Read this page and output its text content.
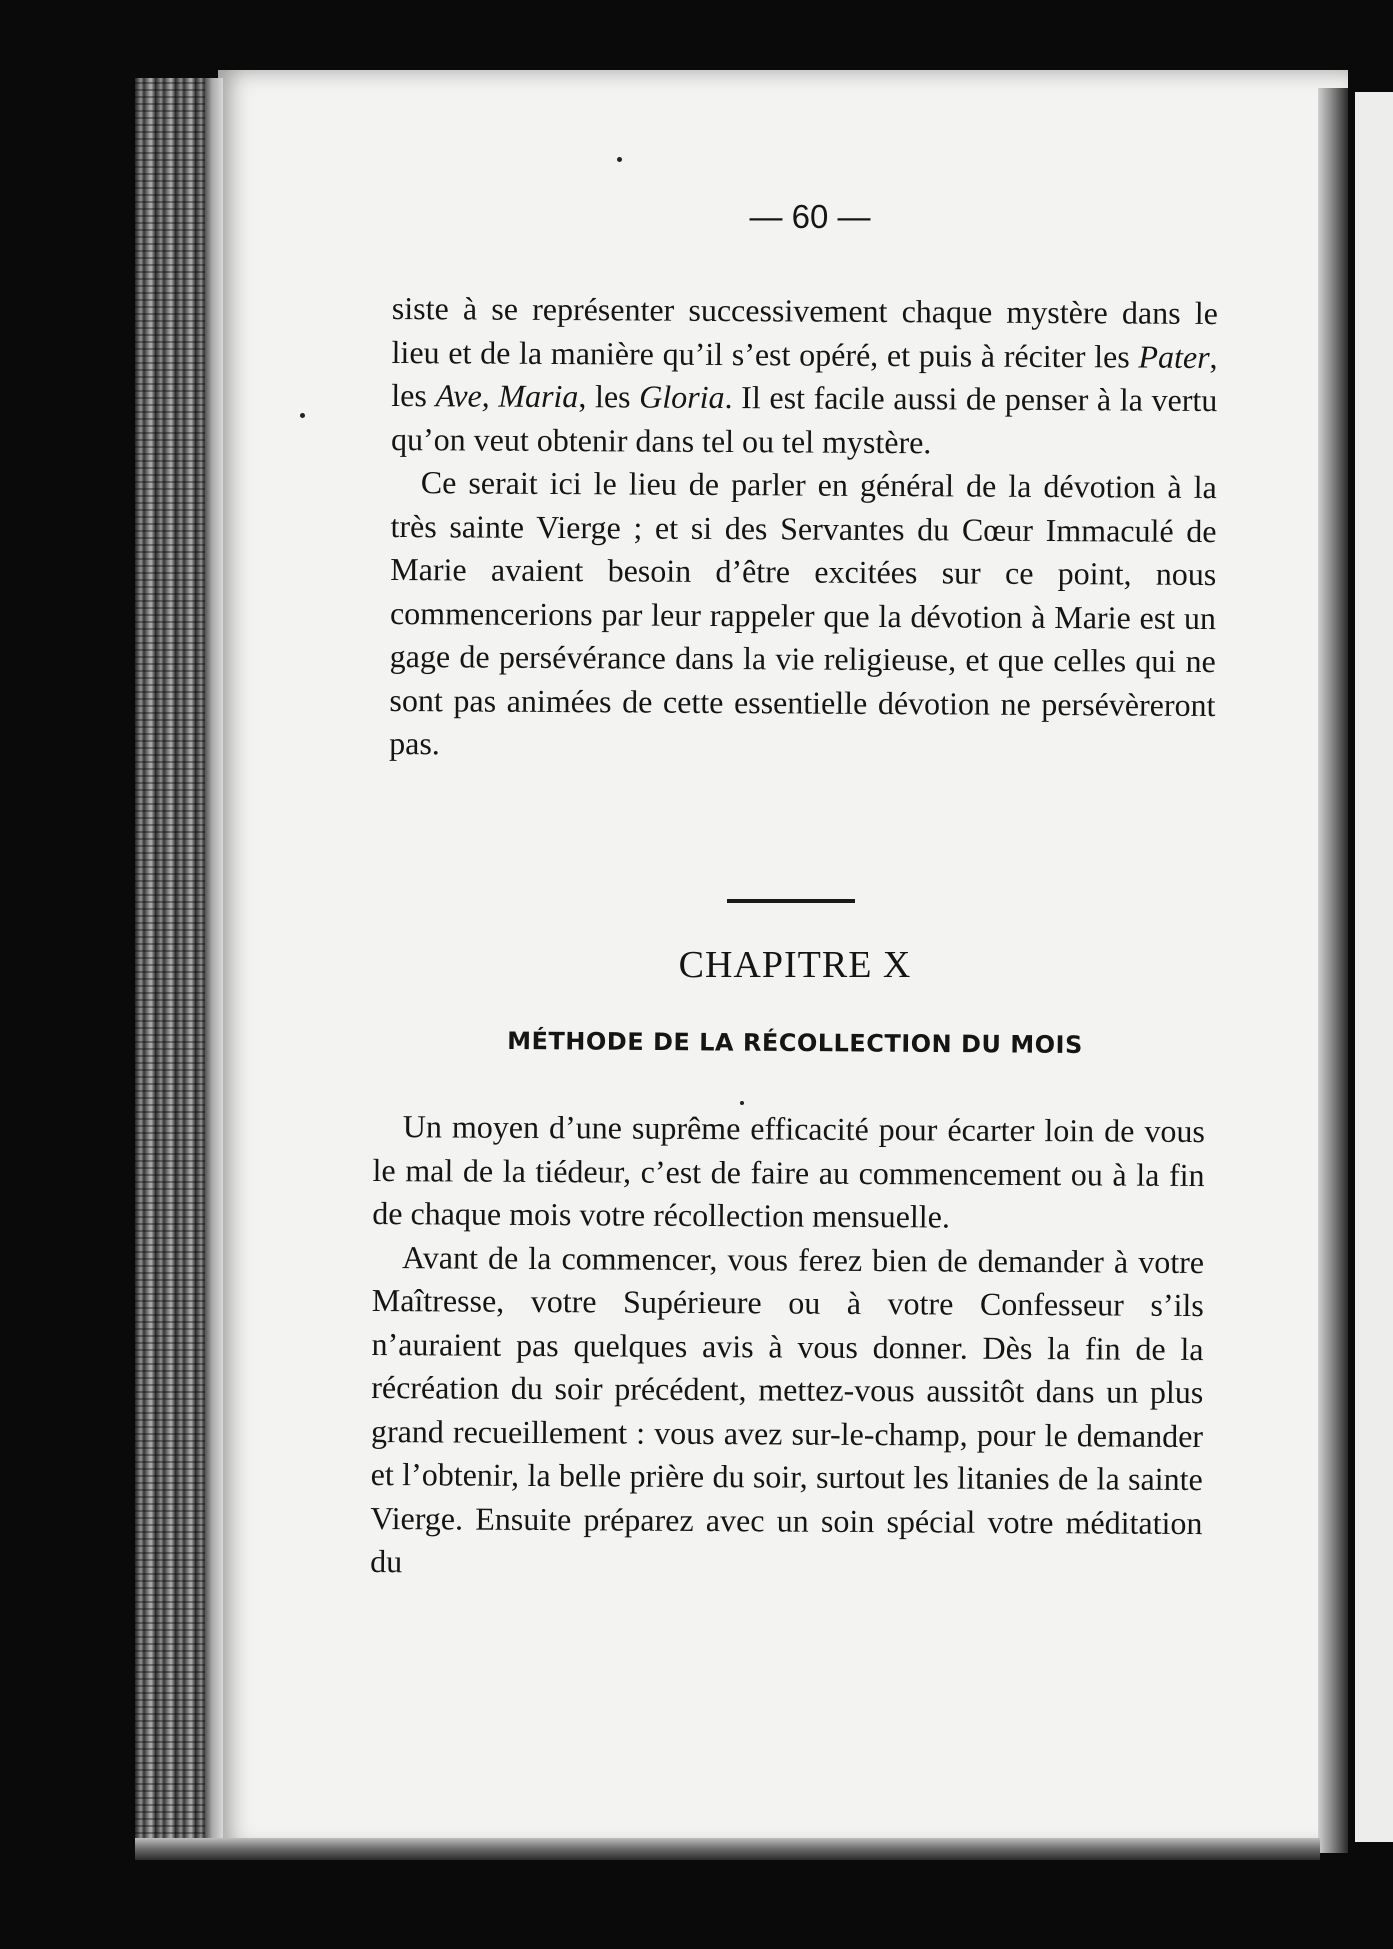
— 60 —

siste à se représenter successivement chaque mystère dans le lieu et de la manière qu’il s’est opéré, et puis à réciter les Pater, les Ave, Maria, les Gloria. Il est facile aussi de penser à la vertu qu’on veut obtenir dans tel ou tel mystère.

Ce serait ici le lieu de parler en général de la dévotion à la très sainte Vierge ; et si des Servantes du Cœur Immaculé de Marie avaient besoin d’être excitées sur ce point, nous commencerions par leur rappeler que la dévotion à Marie est un gage de persévérance dans la vie religieuse, et que celles qui ne sont pas animées de cette essentielle dévotion ne persévèreront pas.

CHAPITRE X

MÉTHODE DE LA RÉCOLLECTION DU MOIS

Un moyen d’une suprême efficacité pour écarter loin de vous le mal de la tiédeur, c’est de faire au commencement ou à la fin de chaque mois votre récollection mensuelle.

Avant de la commencer, vous ferez bien de demander à votre Maîtresse, votre Supérieure ou à votre Confesseur s’ils n’auraient pas quelques avis à vous donner. Dès la fin de la récréation du soir précédent, mettez-vous aussitôt dans un plus grand recueillement : vous avez sur-le-champ, pour le demander et l’obtenir, la belle prière du soir, surtout les litanies de la sainte Vierge. Ensuite préparez avec un soin spécial votre méditation du
